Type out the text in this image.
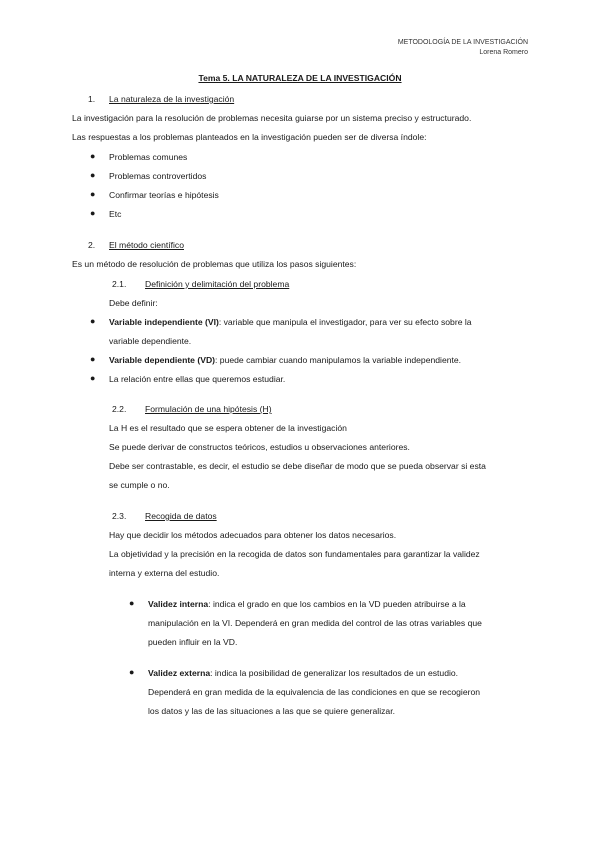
METODOLOGÍA DE LA INVESTIGACIÓN
Lorena Romero
Tema 5. LA NATURALEZA DE LA INVESTIGACIÓN
1. La naturaleza de la investigación
La investigación para la resolución de problemas necesita guiarse por un sistema preciso y estructurado.
Las respuestas a los problemas planteados en la investigación pueden ser de diversa índole:
● Problemas comunes
● Problemas controvertidos
● Confirmar teorías e hipótesis
● Etc
2. El método científico
Es un método de resolución de problemas que utiliza los pasos siguientes:
2.1. Definición y delimitación del problema
Debe definir:
● Variable independiente (VI): variable que manipula el investigador, para ver su efecto sobre la
variable dependiente.
● Variable dependiente (VD): puede cambiar cuando manipulamos la variable independiente.
● La relación entre ellas que queremos estudiar.
2.2. Formulación de una hipótesis (H)
La H es el resultado que se espera obtener de la investigación
Se puede derivar de constructos teóricos, estudios u observaciones anteriores.
Debe ser contrastable, es decir, el estudio se debe diseñar de modo que se pueda observar si esta
se cumple o no.
2.3. Recogida de datos
Hay que decidir los métodos adecuados para obtener los datos necesarios.
La objetividad y la precisión en la recogida de datos son fundamentales para garantizar la validez
interna y externa del estudio.
● Validez interna: indica el grado en que los cambios en la VD pueden atribuirse a la
manipulación en la VI. Dependerá en gran medida del control de las otras variables que
pueden influir en la VD.
● Validez externa: indica la posibilidad de generalizar los resultados de un estudio.
Dependerá en gran medida de la equivalencia de las condiciones en que se recogieron
los datos y las de las situaciones a las que se quiere generalizar.
